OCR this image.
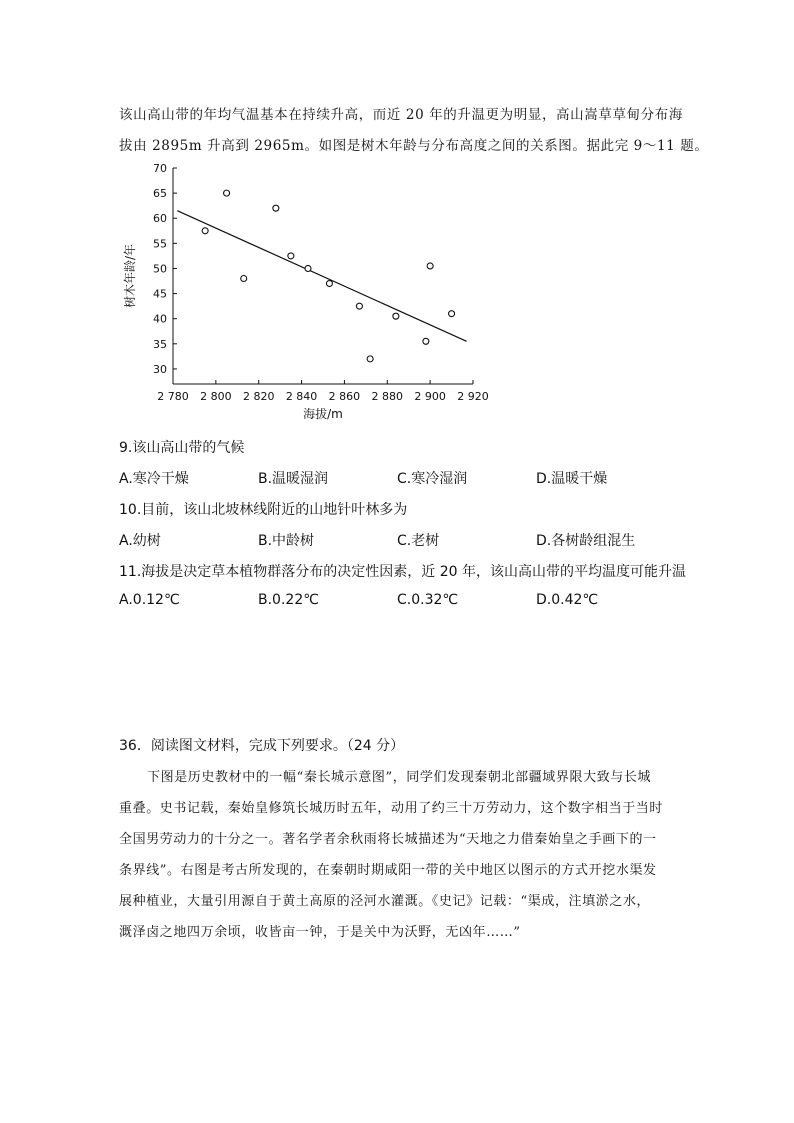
该山高山带的年均气温基本在持续升高，而近 20 年的升温更为明显，高山嵩草草甸分布海
拔由 2895m 升高到 2965m。如图是树木年龄与分布高度之间的关系图。据此完 9～11 题。
30
35
40
45
50
55
60
65
70
2 780 2 800 2 820 2 840 2 860 2 880 2 900 2 920
海拔/m
树木年龄/年
9.该山高山带的气候
A.寒冷干燥	B.温暖湿润	C.寒冷湿润	D.温暖干燥
10.目前，该山北坡林线附近的山地针叶林多为
A.幼树	B.中龄树	C.老树	D.各树龄组混生
11.海拔是决定草本植物群落分布的决定性因素，近 20 年，该山高山带的平均温度可能升温
A.0.12℃	B.0.22℃	C.0.32℃	D.0.42℃
36．阅读图文材料，完成下列要求。（24 分）
下图是历史教材中的一幅“秦长城示意图”，同学们发现秦朝北部疆域界限大致与长城
重叠。史书记载，秦始皇修筑长城历时五年，动用了约三十万劳动力，这个数字相当于当时
全国男劳动力的十分之一。著名学者余秋雨将长城描述为“天地之力借秦始皇之手画下的一
条界线”。右图是考古所发现的，在秦朝时期咸阳一带的关中地区以图示的方式开挖水渠发
展种植业，大量引用源自于黄土高原的泾河水灌溉。《史记》记载：“渠成，注填淤之水，
溉泽卤之地四万余顷，收皆亩一钟，于是关中为沃野，无凶年……”
